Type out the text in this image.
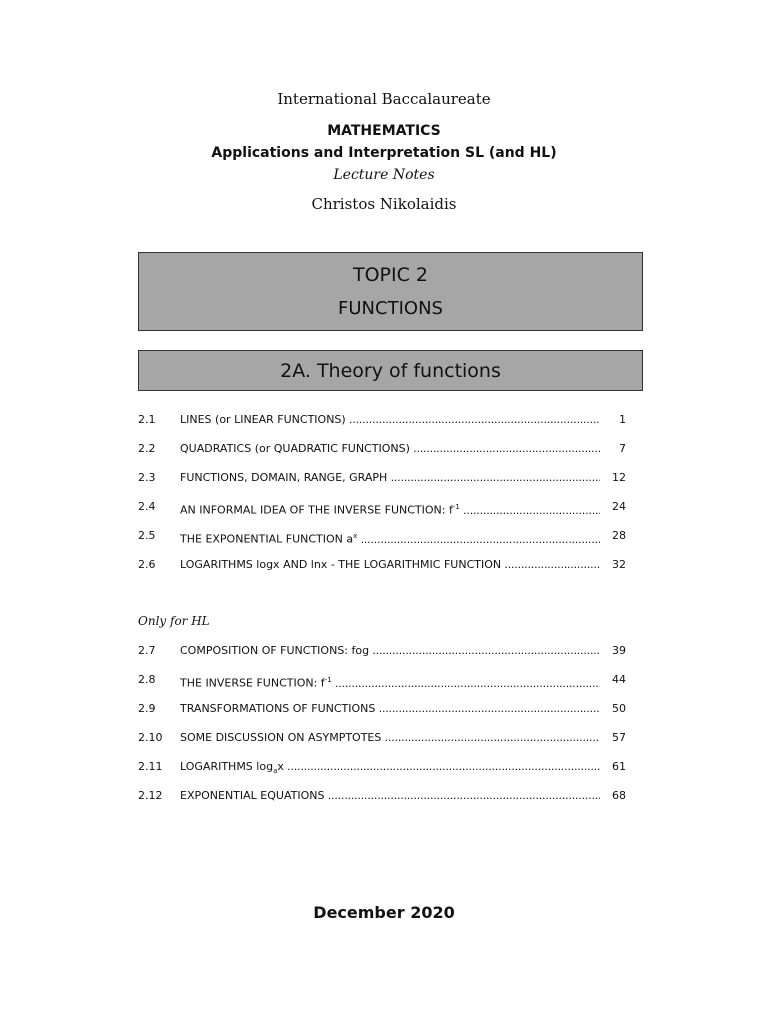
International Baccalaureate
MATHEMATICS
Applications and Interpretation SL (and HL)
Lecture Notes
Christos Nikolaidis
TOPIC 2
FUNCTIONS
2A. Theory of functions
2.1	LINES (or LINEAR FUNCTIONS) .....	1
2.2	QUADRATICS (or QUADRATIC FUNCTIONS) .....	7
2.3	FUNCTIONS, DOMAIN, RANGE, GRAPH .....	12
2.4	AN INFORMAL IDEA OF THE INVERSE FUNCTION: $f^{-1}$ .....	24
2.5	THE EXPONENTIAL FUNCTION $a^x$ .....	28
2.6	LOGARITHMS logx AND lnx - THE LOGARITHMIC FUNCTION .....	32
Only for HL
2.7	COMPOSITION OF FUNCTIONS: fog .....	39
2.8	THE INVERSE FUNCTION: $f^{-1}$ .....	44
2.9	TRANSFORMATIONS OF FUNCTIONS .....	50
2.10	SOME DISCUSSION ON ASYMPTOTES .....	57
2.11	LOGARITHMS $\log_ax$ .....	61
2.12	EXPONENTIAL EQUATIONS .....	68
December 2020
